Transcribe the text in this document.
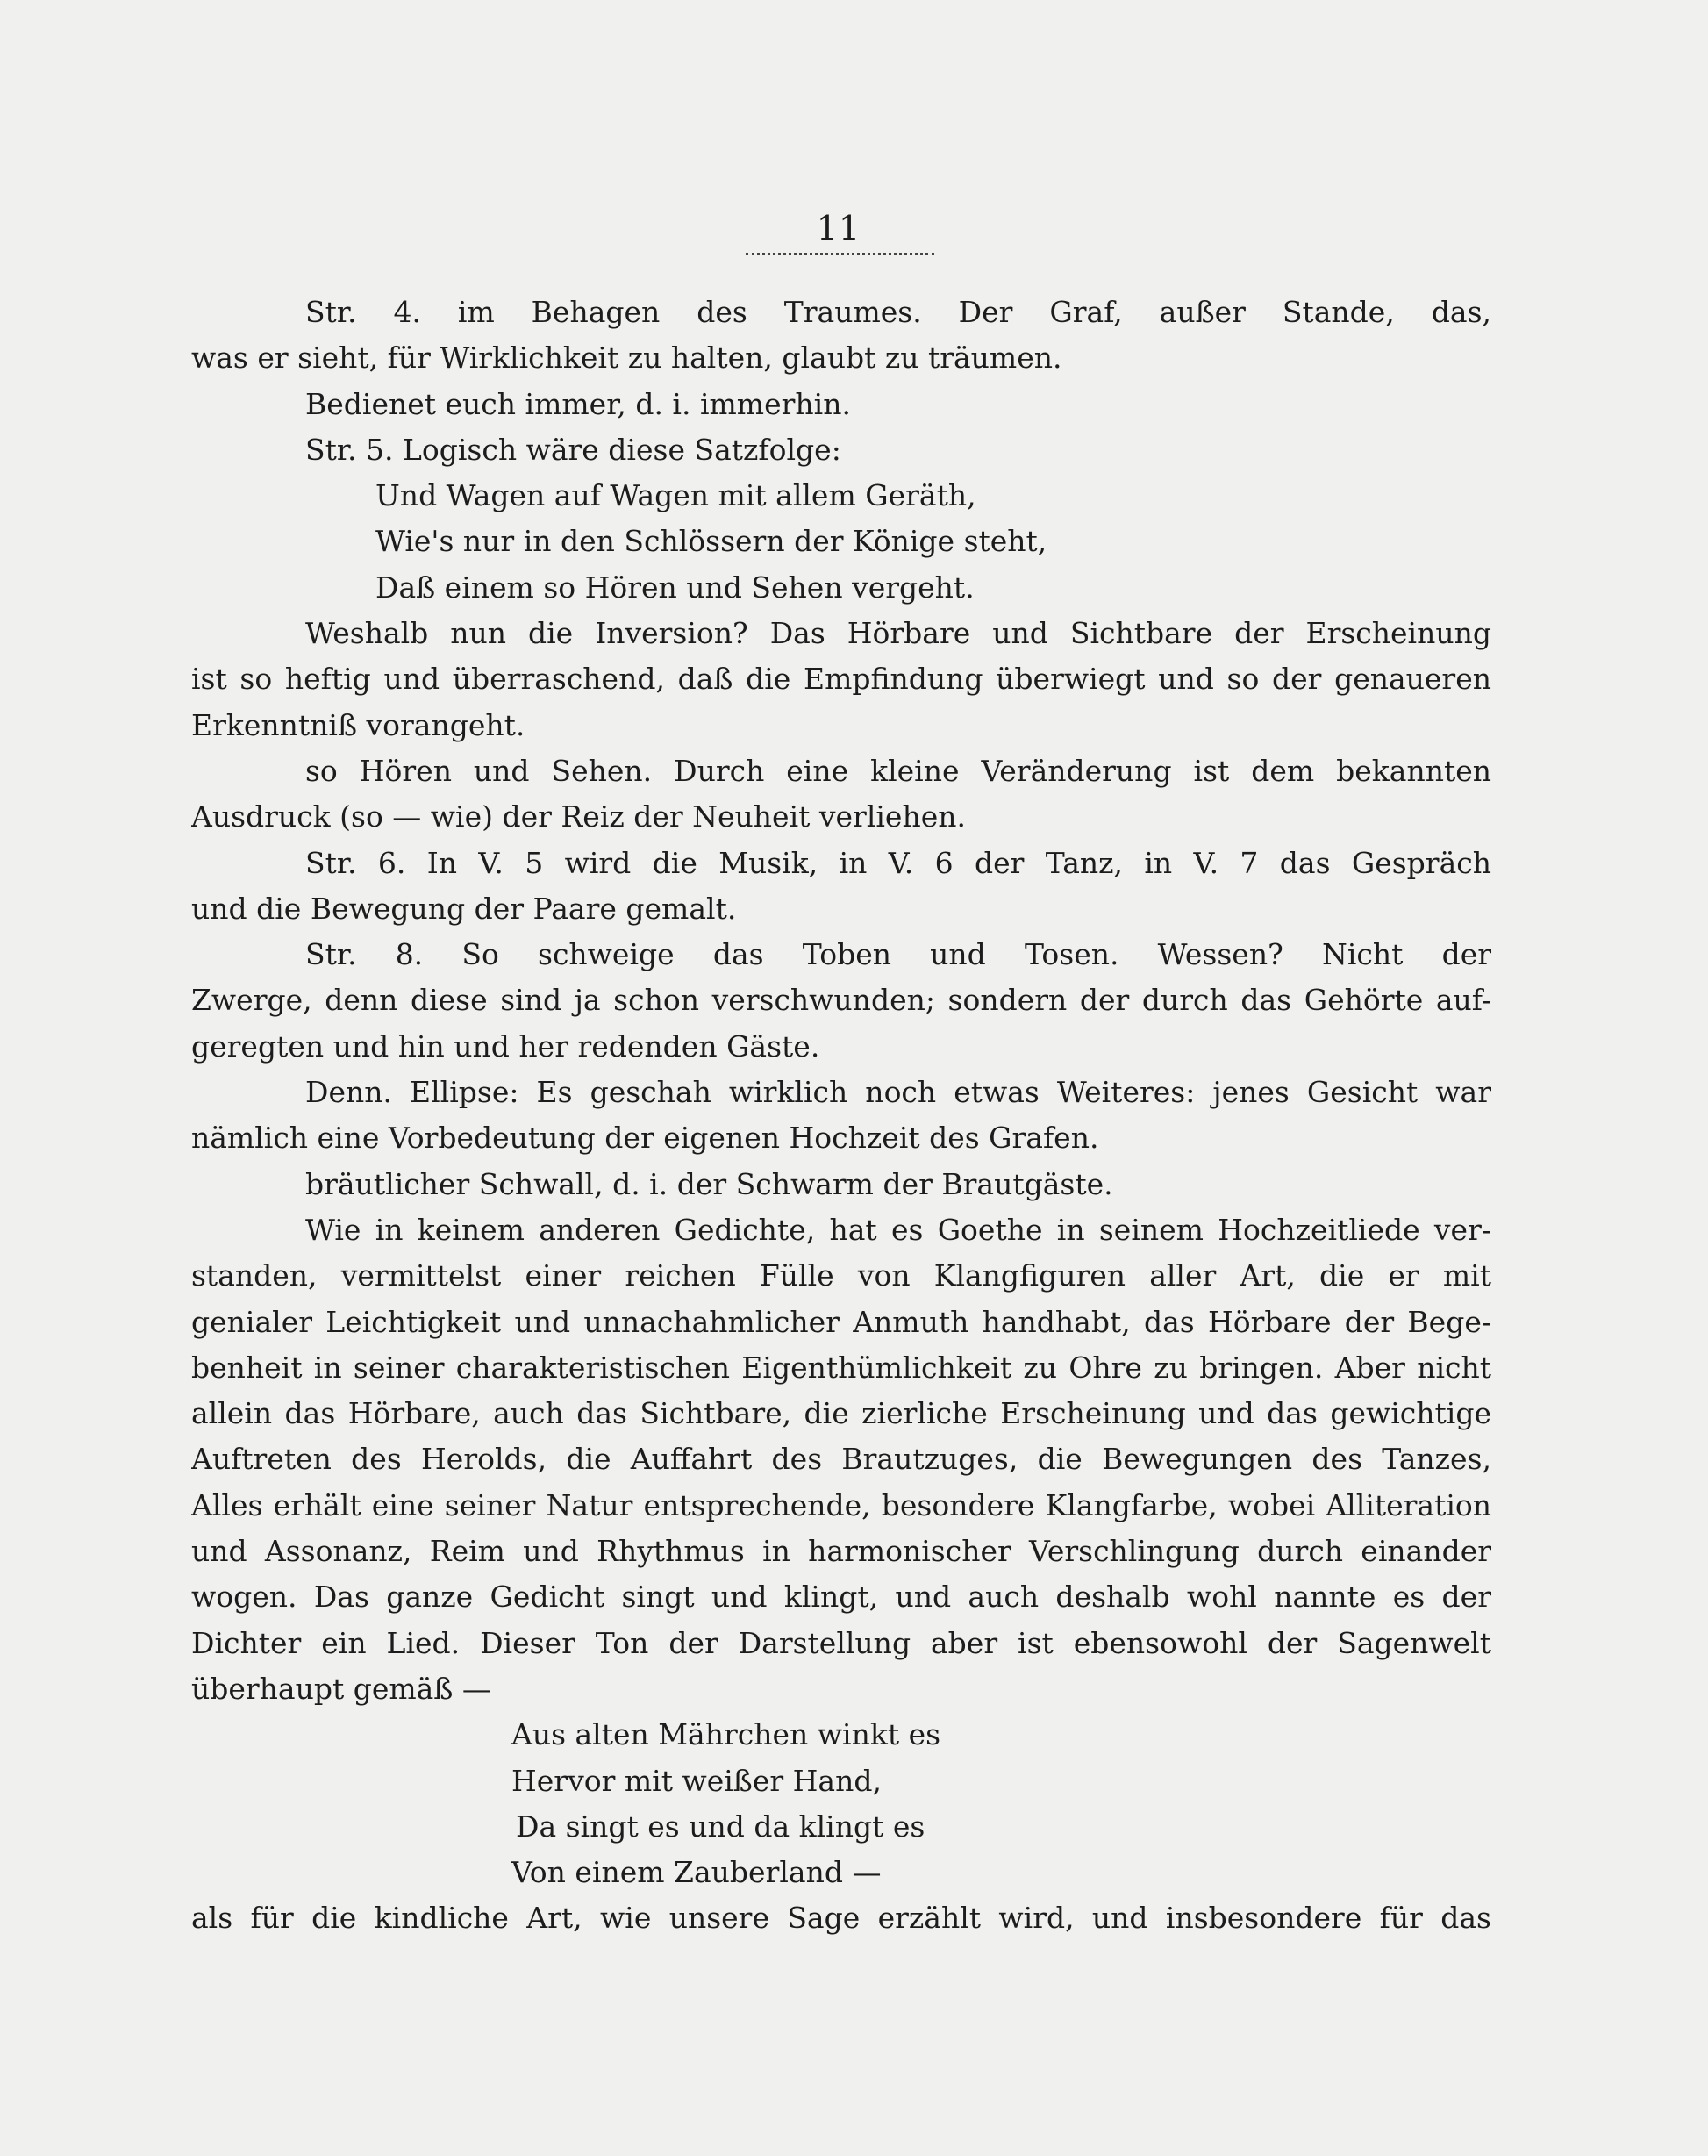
11
Str. 4. im Behagen des Traumes. Der Graf, außer Stande, das,
was er sieht, für Wirklichkeit zu halten, glaubt zu träumen.
Bedienet euch immer, d. i. immerhin.
Str. 5. Logisch wäre diese Satzfolge:
Und Wagen auf Wagen mit allem Geräth,
Wie's nur in den Schlössern der Könige steht,
Daß einem so Hören und Sehen vergeht.
Weshalb nun die Inversion? Das Hörbare und Sichtbare der Erscheinung
ist so heftig und überraschend, daß die Empfindung überwiegt und so der genaueren
Erkenntniß vorangeht.
so Hören und Sehen. Durch eine kleine Veränderung ist dem bekannten
Ausdruck (so — wie) der Reiz der Neuheit verliehen.
Str. 6. In V. 5 wird die Musik, in V. 6 der Tanz, in V. 7 das Gespräch
und die Bewegung der Paare gemalt.
Str. 8. So schweige das Toben und Tosen. Wessen? Nicht der
Zwerge, denn diese sind ja schon verschwunden; sondern der durch das Gehörte auf-
geregten und hin und her redenden Gäste.
Denn. Ellipse: Es geschah wirklich noch etwas Weiteres: jenes Gesicht war
nämlich eine Vorbedeutung der eigenen Hochzeit des Grafen.
bräutlicher Schwall, d. i. der Schwarm der Brautgäste.
Wie in keinem anderen Gedichte, hat es Goethe in seinem Hochzeitliede ver-
standen, vermittelst einer reichen Fülle von Klangfiguren aller Art, die er mit
genialer Leichtigkeit und unnachahmlicher Anmuth handhabt, das Hörbare der Bege-
benheit in seiner charakteristischen Eigenthümlichkeit zu Ohre zu bringen. Aber nicht
allein das Hörbare, auch das Sichtbare, die zierliche Erscheinung und das gewichtige
Auftreten des Herolds, die Auffahrt des Brautzuges, die Bewegungen des Tanzes,
Alles erhält eine seiner Natur entsprechende, besondere Klangfarbe, wobei Alliteration
und Assonanz, Reim und Rhythmus in harmonischer Verschlingung durch einander
wogen. Das ganze Gedicht singt und klingt, und auch deshalb wohl nannte es der
Dichter ein Lied. Dieser Ton der Darstellung aber ist ebensowohl der Sagenwelt
überhaupt gemäß —
Aus alten Mährchen winkt es
Hervor mit weißer Hand,
Da singt es und da klingt es
Von einem Zauberland —
als für die kindliche Art, wie unsere Sage erzählt wird, und insbesondere für das
